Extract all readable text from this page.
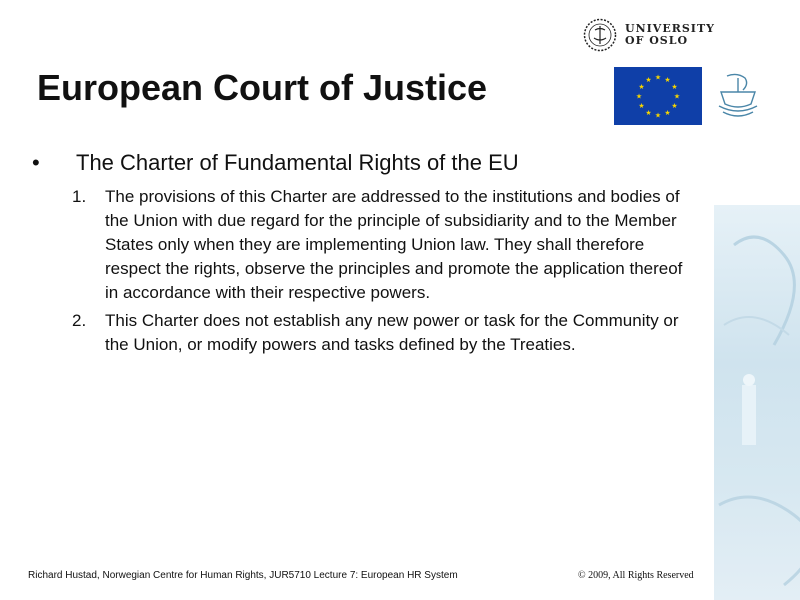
UNIVERSITY
OF OSLO
★ ★
★
★
★
★
★
★
★
★
★
★
European Court of Justice
• The Charter of Fundamental Rights of the EU
1. The provisions of this Charter are addressed to the institutions and bodies of the Union with due regard for the principle of subsidiarity and to the Member States only when they are implementing Union law. They shall therefore respect the rights, observe the principles and promote the application thereof in accordance with their respective powers.
2. This Charter does not establish any new power or task for the Community or the Union, or modify powers and tasks defined by the Treaties.
Richard Hustad, Norwegian Centre for Human Rights, JUR5710 Lecture 7: European HR System	© 2009, All Rights Reserved
